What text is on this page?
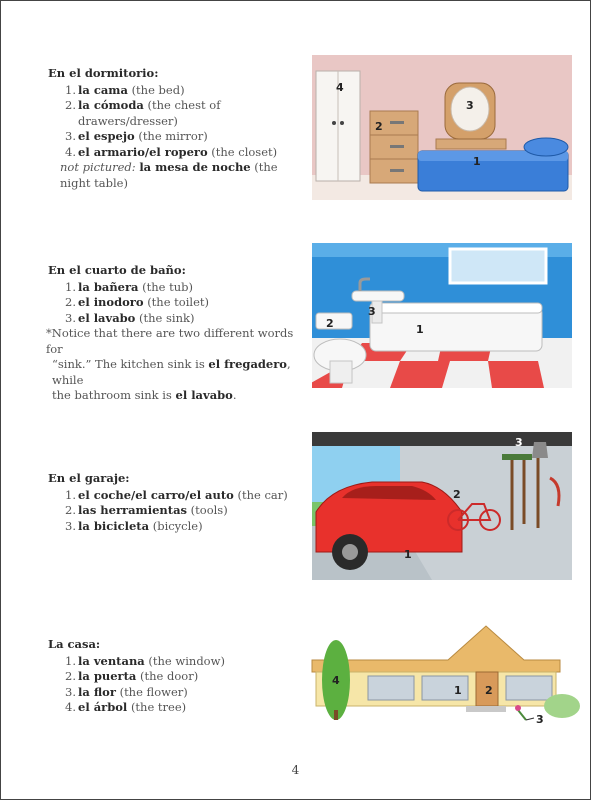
En el dormitorio:
1. la cama (the bed)
2. la cómoda (the chest of drawers/dresser)
3. el espejo (the mirror)
4. el armario/el ropero (the closet)
not pictured: la mesa de noche (the night table)
En el cuarto de baño:
1. la bañera (the tub)
2. el inodoro (the toilet)
3. el lavabo (the sink)
*Notice that there are two different words for
“sink.” The kitchen sink is el fregadero, while
the bathroom sink is el lavabo.
En el garaje:
1. el coche/el carro/el auto (the car)
2. las herramientas (tools)
3. la bicicleta (bicycle)
La casa:
1. la ventana (the window)
2. la puerta (the door)
3. la flor (the flower)
4. el árbol (the tree)
1
2
3
4
1
2
3
1
2
3
1 2
3
4
4
